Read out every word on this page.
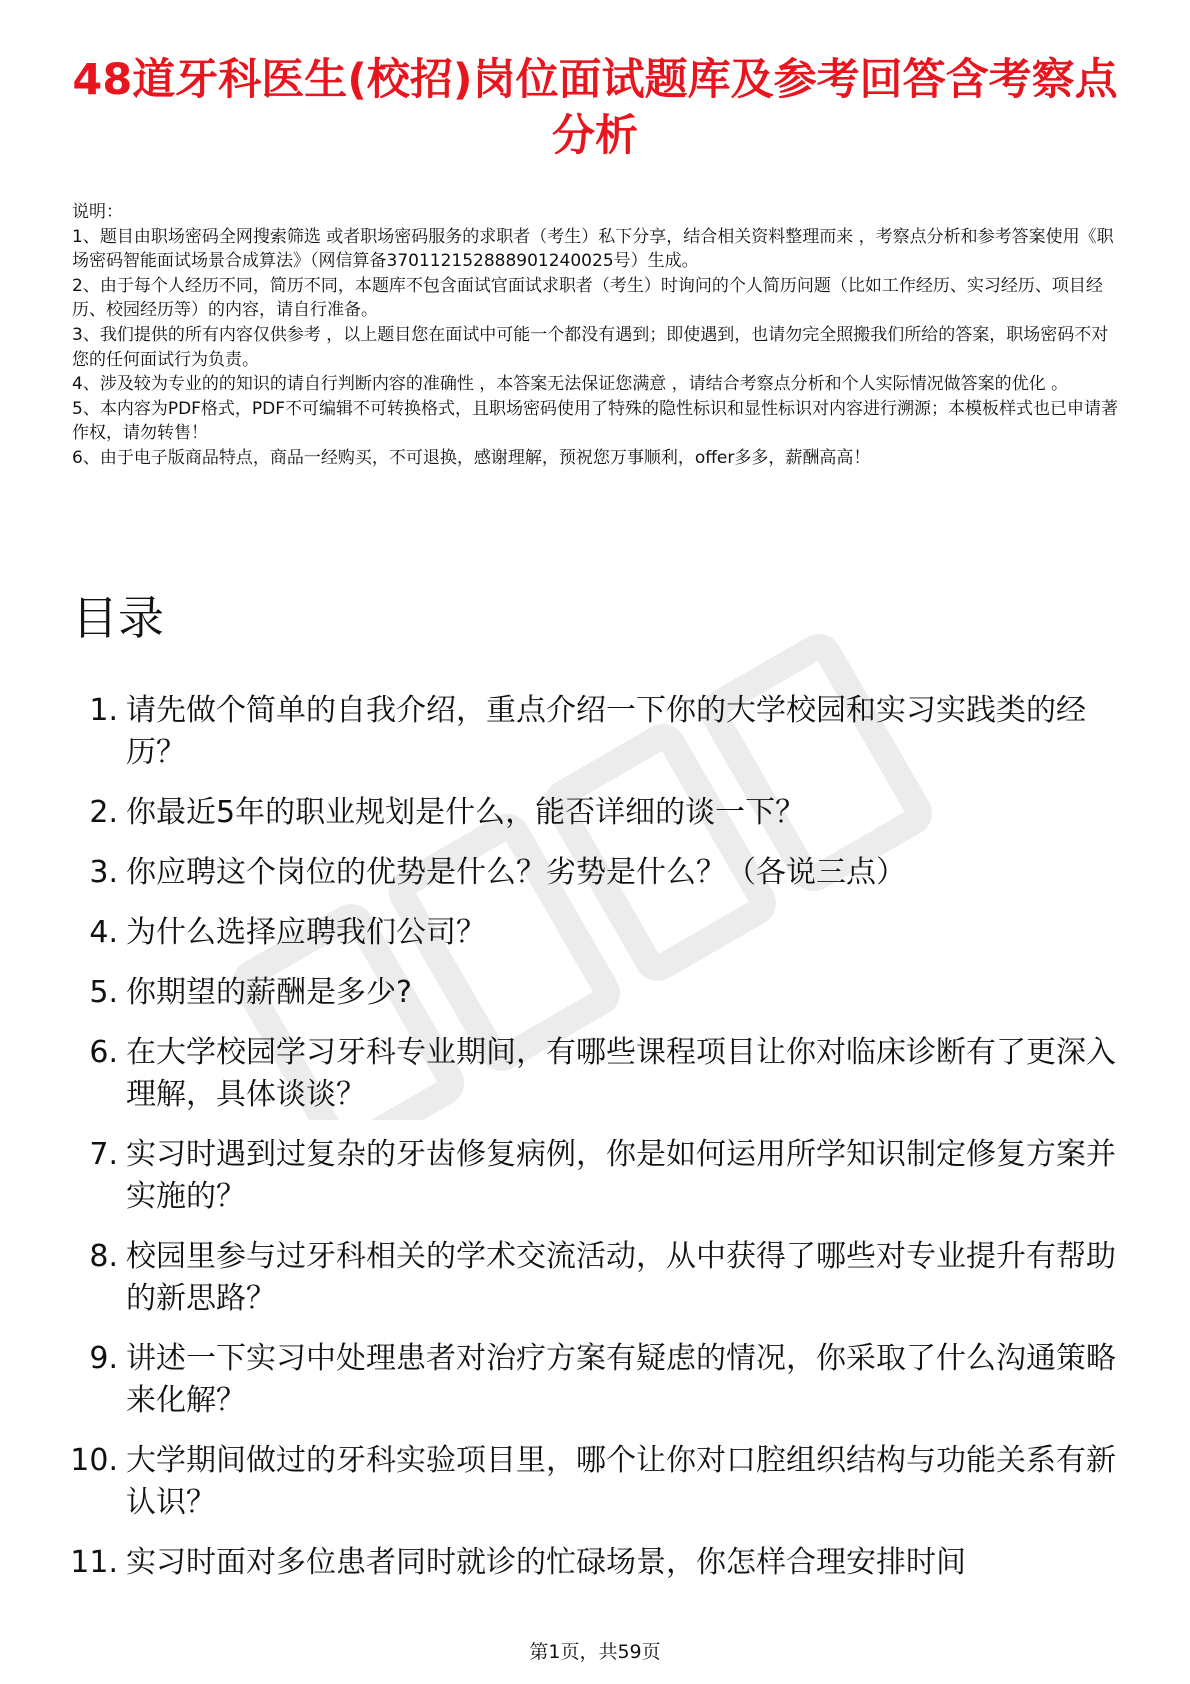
48道牙科医生(校招)岗位面试题库及参考回答含考察点分析
说明：
1、题目由职场密码全网搜索筛选 或者职场密码服务的求职者（考生）私下分享，结合相关资料整理而来 ，考察点分析和参考答案使用《职场密码智能面试场景合成算法》（网信算备370112152888901240025号）生成。
2、由于每个人经历不同，简历不同，本题库不包含面试官面试求职者（考生）时询问的个人简历问题（比如工作经历、实习经历、项目经历、校园经历等）的内容，请自行准备。
3、我们提供的所有内容仅供参考 ，以上题目您在面试中可能一个都没有遇到；即使遇到，也请勿完全照搬我们所给的答案，职场密码不对您的任何面试行为负责。
4、涉及较为专业的的知识的请自行判断内容的准确性 ，本答案无法保证您满意 ，请结合考察点分析和个人实际情况做答案的优化 。
5、本内容为PDF格式，PDF不可编辑不可转换格式，且职场密码使用了特殊的隐性标识和显性标识对内容进行溯源；本模板样式也已申请著作权，请勿转售！
6、由于电子版商品特点，商品一经购买，不可退换，感谢理解，预祝您万事顺利，offer多多，薪酬高高！
目录
1. 请先做个简单的自我介绍，重点介绍一下你的大学校园和实习实践类的经历？
2. 你最近5年的职业规划是什么，能否详细的谈一下？
3. 你应聘这个岗位的优势是什么？劣势是什么？（各说三点）
4. 为什么选择应聘我们公司？
5. 你期望的薪酬是多少?
6. 在大学校园学习牙科专业期间，有哪些课程项目让你对临床诊断有了更深入理解，具体谈谈？
7. 实习时遇到过复杂的牙齿修复病例，你是如何运用所学知识制定修复方案并实施的？
8. 校园里参与过牙科相关的学术交流活动，从中获得了哪些对专业提升有帮助的新思路？
9. 讲述一下实习中处理患者对治疗方案有疑虑的情况，你采取了什么沟通策略来化解？
10. 大学期间做过的牙科实验项目里，哪个让你对口腔组织结构与功能关系有新认识？
11. 实习时面对多位患者同时就诊的忙碌场景，你怎样合理安排时间
第1页，共59页
